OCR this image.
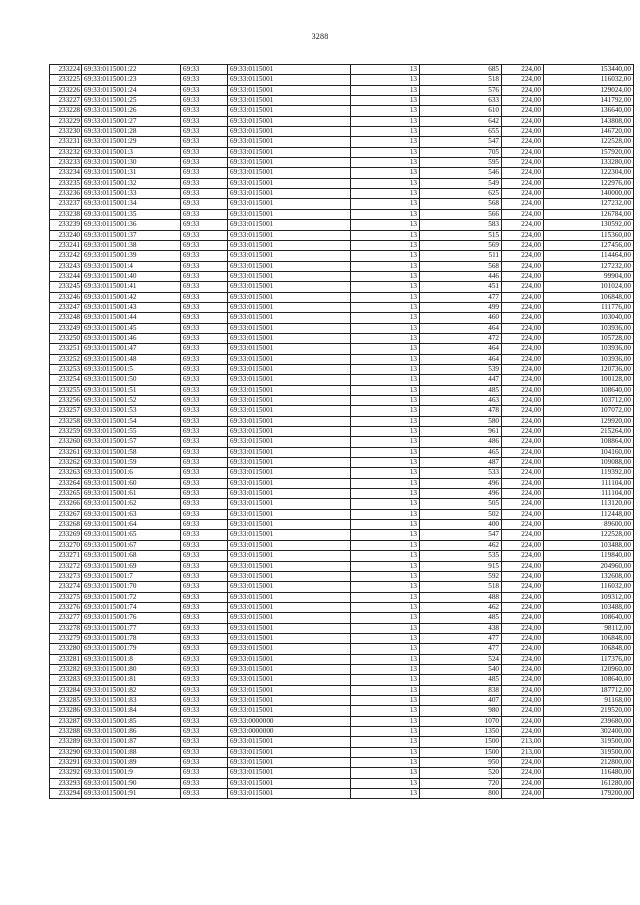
3288
233224	69:33:0115001:22	69:33	69:33:0115001	13	685	224,00	153440,00
233225	69:33:0115001:23	69:33	69:33:0115001	13	518	224,00	116032,00
233226	69:33:0115001:24	69:33	69:33:0115001	13	576	224,00	129024,00
233227	69:33:0115001:25	69:33	69:33:0115001	13	633	224,00	141792,00
233228	69:33:0115001:26	69:33	69:33:0115001	13	610	224,00	136640,00
233229	69:33:0115001:27	69:33	69:33:0115001	13	642	224,00	143808,00
233230	69:33:0115001:28	69:33	69:33:0115001	13	655	224,00	146720,00
233231	69:33:0115001:29	69:33	69:33:0115001	13	547	224,00	122528,00
233232	69:33:0115001:3	69:33	69:33:0115001	13	705	224,00	157920,00
233233	69:33:0115001:30	69:33	69:33:0115001	13	595	224,00	133280,00
233234	69:33:0115001:31	69:33	69:33:0115001	13	546	224,00	122304,00
233235	69:33:0115001:32	69:33	69:33:0115001	13	549	224,00	122976,00
233236	69:33:0115001:33	69:33	69:33:0115001	13	625	224,00	140000,00
233237	69:33:0115001:34	69:33	69:33:0115001	13	568	224,00	127232,00
233238	69:33:0115001:35	69:33	69:33:0115001	13	566	224,00	126784,00
233239	69:33:0115001:36	69:33	69:33:0115001	13	583	224,00	130592,00
233240	69:33:0115001:37	69:33	69:33:0115001	13	515	224,00	115360,00
233241	69:33:0115001:38	69:33	69:33:0115001	13	569	224,00	127456,00
233242	69:33:0115001:39	69:33	69:33:0115001	13	511	224,00	114464,00
233243	69:33:0115001:4	69:33	69:33:0115001	13	568	224,00	127232,00
233244	69:33:0115001:40	69:33	69:33:0115001	13	446	224,00	99904,00
233245	69:33:0115001:41	69:33	69:33:0115001	13	451	224,00	101024,00
233246	69:33:0115001:42	69:33	69:33:0115001	13	477	224,00	106848,00
233247	69:33:0115001:43	69:33	69:33:0115001	13	499	224,00	111776,00
233248	69:33:0115001:44	69:33	69:33:0115001	13	460	224,00	103040,00
233249	69:33:0115001:45	69:33	69:33:0115001	13	464	224,00	103936,00
233250	69:33:0115001:46	69:33	69:33:0115001	13	472	224,00	105728,00
233251	69:33:0115001:47	69:33	69:33:0115001	13	464	224,00	103936,00
233252	69:33:0115001:48	69:33	69:33:0115001	13	464	224,00	103936,00
233253	69:33:0115001:5	69:33	69:33:0115001	13	539	224,00	120736,00
233254	69:33:0115001:50	69:33	69:33:0115001	13	447	224,00	100128,00
233255	69:33:0115001:51	69:33	69:33:0115001	13	485	224,00	108640,00
233256	69:33:0115001:52	69:33	69:33:0115001	13	463	224,00	103712,00
233257	69:33:0115001:53	69:33	69:33:0115001	13	478	224,00	107072,00
233258	69:33:0115001:54	69:33	69:33:0115001	13	580	224,00	129920,00
233259	69:33:0115001:55	69:33	69:33:0115001	13	961	224,00	215264,00
233260	69:33:0115001:57	69:33	69:33:0115001	13	486	224,00	108864,00
233261	69:33:0115001:58	69:33	69:33:0115001	13	465	224,00	104160,00
233262	69:33:0115001:59	69:33	69:33:0115001	13	487	224,00	109088,00
233263	69:33:0115001:6	69:33	69:33:0115001	13	533	224,00	119392,00
233264	69:33:0115001:60	69:33	69:33:0115001	13	496	224,00	111104,00
233265	69:33:0115001:61	69:33	69:33:0115001	13	496	224,00	111104,00
233266	69:33:0115001:62	69:33	69:33:0115001	13	505	224,00	113120,00
233267	69:33:0115001:63	69:33	69:33:0115001	13	502	224,00	112448,00
233268	69:33:0115001:64	69:33	69:33:0115001	13	400	224,00	89600,00
233269	69:33:0115001:65	69:33	69:33:0115001	13	547	224,00	122528,00
233270	69:33:0115001:67	69:33	69:33:0115001	13	462	224,00	103488,00
233271	69:33:0115001:68	69:33	69:33:0115001	13	535	224,00	119840,00
233272	69:33:0115001:69	69:33	69:33:0115001	13	915	224,00	204960,00
233273	69:33:0115001:7	69:33	69:33:0115001	13	592	224,00	132608,00
233274	69:33:0115001:70	69:33	69:33:0115001	13	518	224,00	116032,00
233275	69:33:0115001:72	69:33	69:33:0115001	13	488	224,00	109312,00
233276	69:33:0115001:74	69:33	69:33:0115001	13	462	224,00	103488,00
233277	69:33:0115001:76	69:33	69:33:0115001	13	485	224,00	108640,00
233278	69:33:0115001:77	69:33	69:33:0115001	13	438	224,00	98112,00
233279	69:33:0115001:78	69:33	69:33:0115001	13	477	224,00	106848,00
233280	69:33:0115001:79	69:33	69:33:0115001	13	477	224,00	106848,00
233281	69:33:0115001:8	69:33	69:33:0115001	13	524	224,00	117376,00
233282	69:33:0115001:80	69:33	69:33:0115001	13	540	224,00	120960,00
233283	69:33:0115001:81	69:33	69:33:0115001	13	485	224,00	108640,00
233284	69:33:0115001:82	69:33	69:33:0115001	13	838	224,00	187712,00
233285	69:33:0115001:83	69:33	69:33:0115001	13	407	224,00	91168,00
233286	69:33:0115001:84	69:33	69:33:0115001	13	980	224,00	219520,00
233287	69:33:0115001:85	69:33	69:33:0000000	13	1070	224,00	239680,00
233288	69:33:0115001:86	69:33	69:33:0000000	13	1350	224,00	302400,00
233289	69:33:0115001:87	69:33	69:33:0115001	13	1500	213,00	319500,00
233290	69:33:0115001:88	69:33	69:33:0115001	13	1500	213,00	319500,00
233291	69:33:0115001:89	69:33	69:33:0115001	13	950	224,00	212800,00
233292	69:33:0115001:9	69:33	69:33:0115001	13	520	224,00	116480,00
233293	69:33:0115001:90	69:33	69:33:0115001	13	720	224,00	161280,00
233294	69:33:0115001:91	69:33	69:33:0115001	13	800	224,00	179200,00
